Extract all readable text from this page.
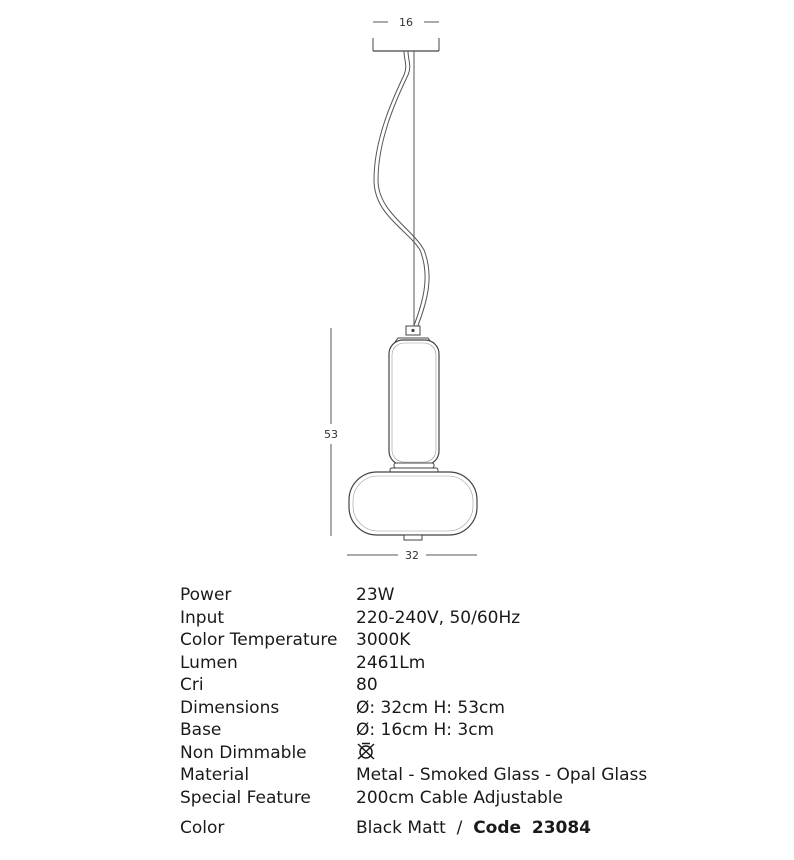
16
53
32
Power	23W
Input	220-240V, 50/60Hz
Color Temperature 3000K
Lumen	2461Lm
Cri	80
Dimensions	Ø: 32cm H: 53cm
Base	Ø: 16cm H: 3cm
Non Dimmable
Material	Metal - Smoked Glass - Opal Glass
Special Feature	200cm Cable Adjustable
Color	Black Matt / Code 23084
